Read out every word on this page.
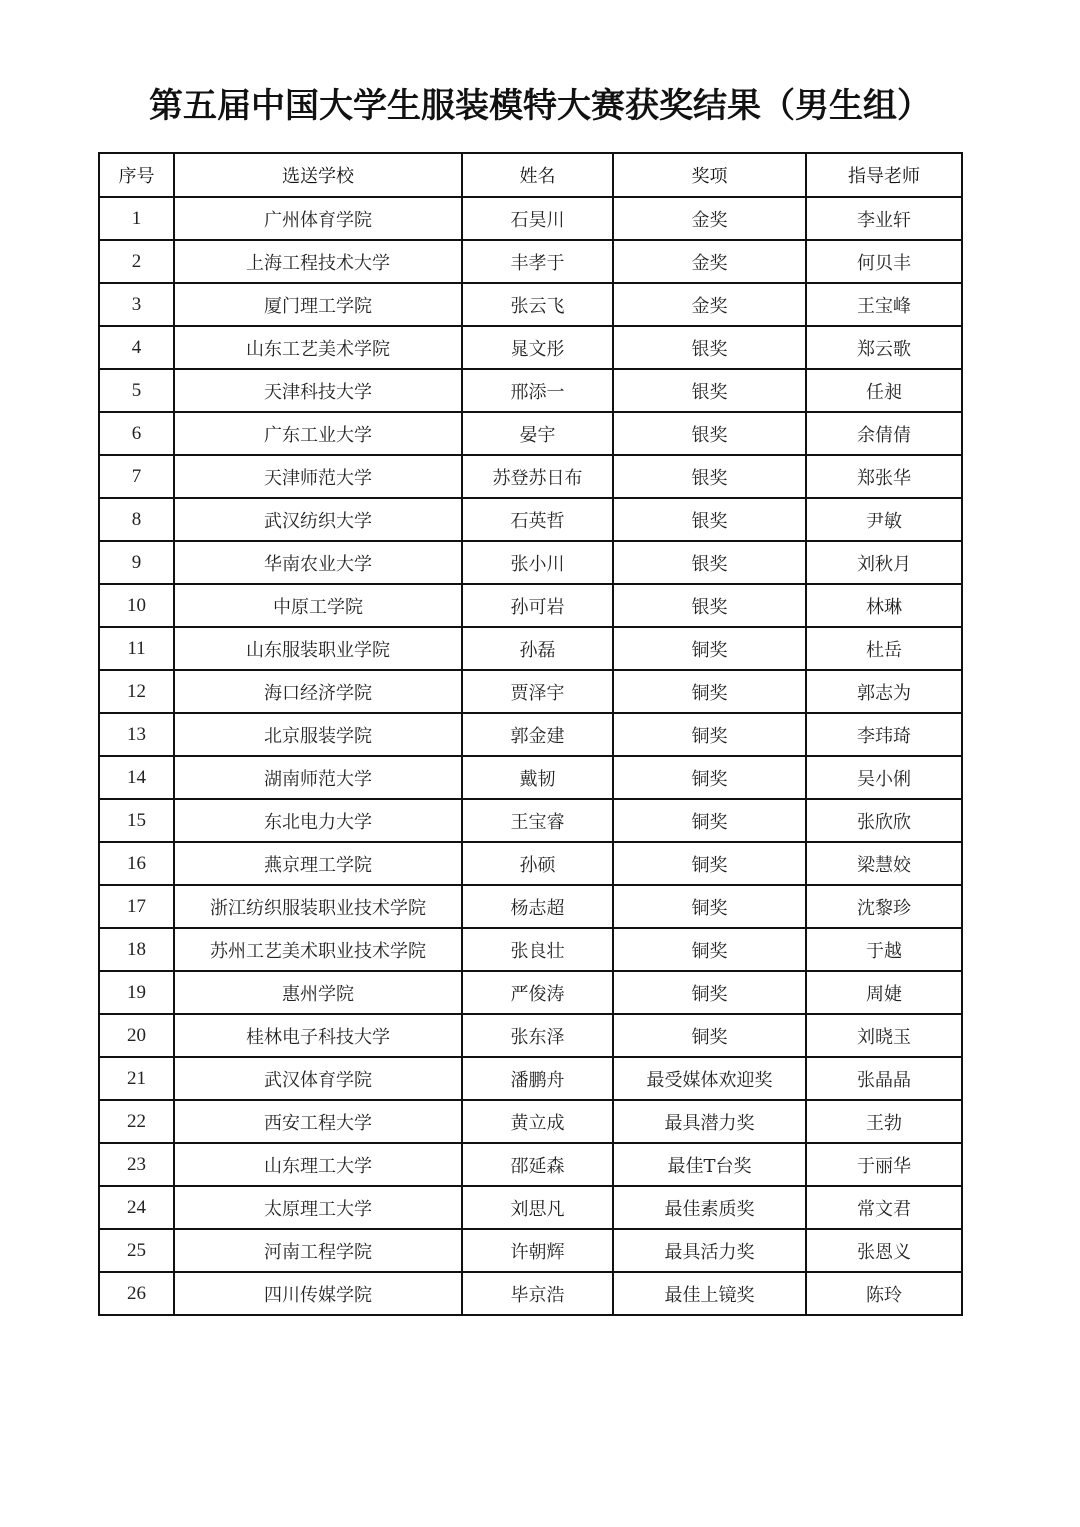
第五届中国大学生服装模特大赛获奖结果（男生组）
序号	选送学校	姓名	奖项	指导老师
1	广州体育学院	石昊川	金奖	李业轩
2	上海工程技术大学	丰孝于	金奖	何贝丰
3	厦门理工学院	张云飞	金奖	王宝峰
4	山东工艺美术学院	晁文彤	银奖	郑云歌
5	天津科技大学	邢添一	银奖	任昶
6	广东工业大学	晏宇	银奖	余倩倩
7	天津师范大学	苏登苏日布	银奖	郑张华
8	武汉纺织大学	石英哲	银奖	尹敏
9	华南农业大学	张小川	银奖	刘秋月
10	中原工学院	孙可岩	银奖	林琳
11	山东服装职业学院	孙磊	铜奖	杜岳
12	海口经济学院	贾泽宇	铜奖	郭志为
13	北京服装学院	郭金建	铜奖	李玮琦
14	湖南师范大学	戴韧	铜奖	吴小俐
15	东北电力大学	王宝睿	铜奖	张欣欣
16	燕京理工学院	孙硕	铜奖	梁慧姣
17	浙江纺织服装职业技术学院	杨志超	铜奖	沈黎珍
18	苏州工艺美术职业技术学院	张良壮	铜奖	于越
19	惠州学院	严俊涛	铜奖	周婕
20	桂林电子科技大学	张东泽	铜奖	刘晓玉
21	武汉体育学院	潘鹏舟	最受媒体欢迎奖	张晶晶
22	西安工程大学	黄立成	最具潜力奖	王勃
23	山东理工大学	邵延森	最佳T台奖	于丽华
24	太原理工大学	刘思凡	最佳素质奖	常文君
25	河南工程学院	许朝辉	最具活力奖	张恩义
26	四川传媒学院	毕京浩	最佳上镜奖	陈玲
